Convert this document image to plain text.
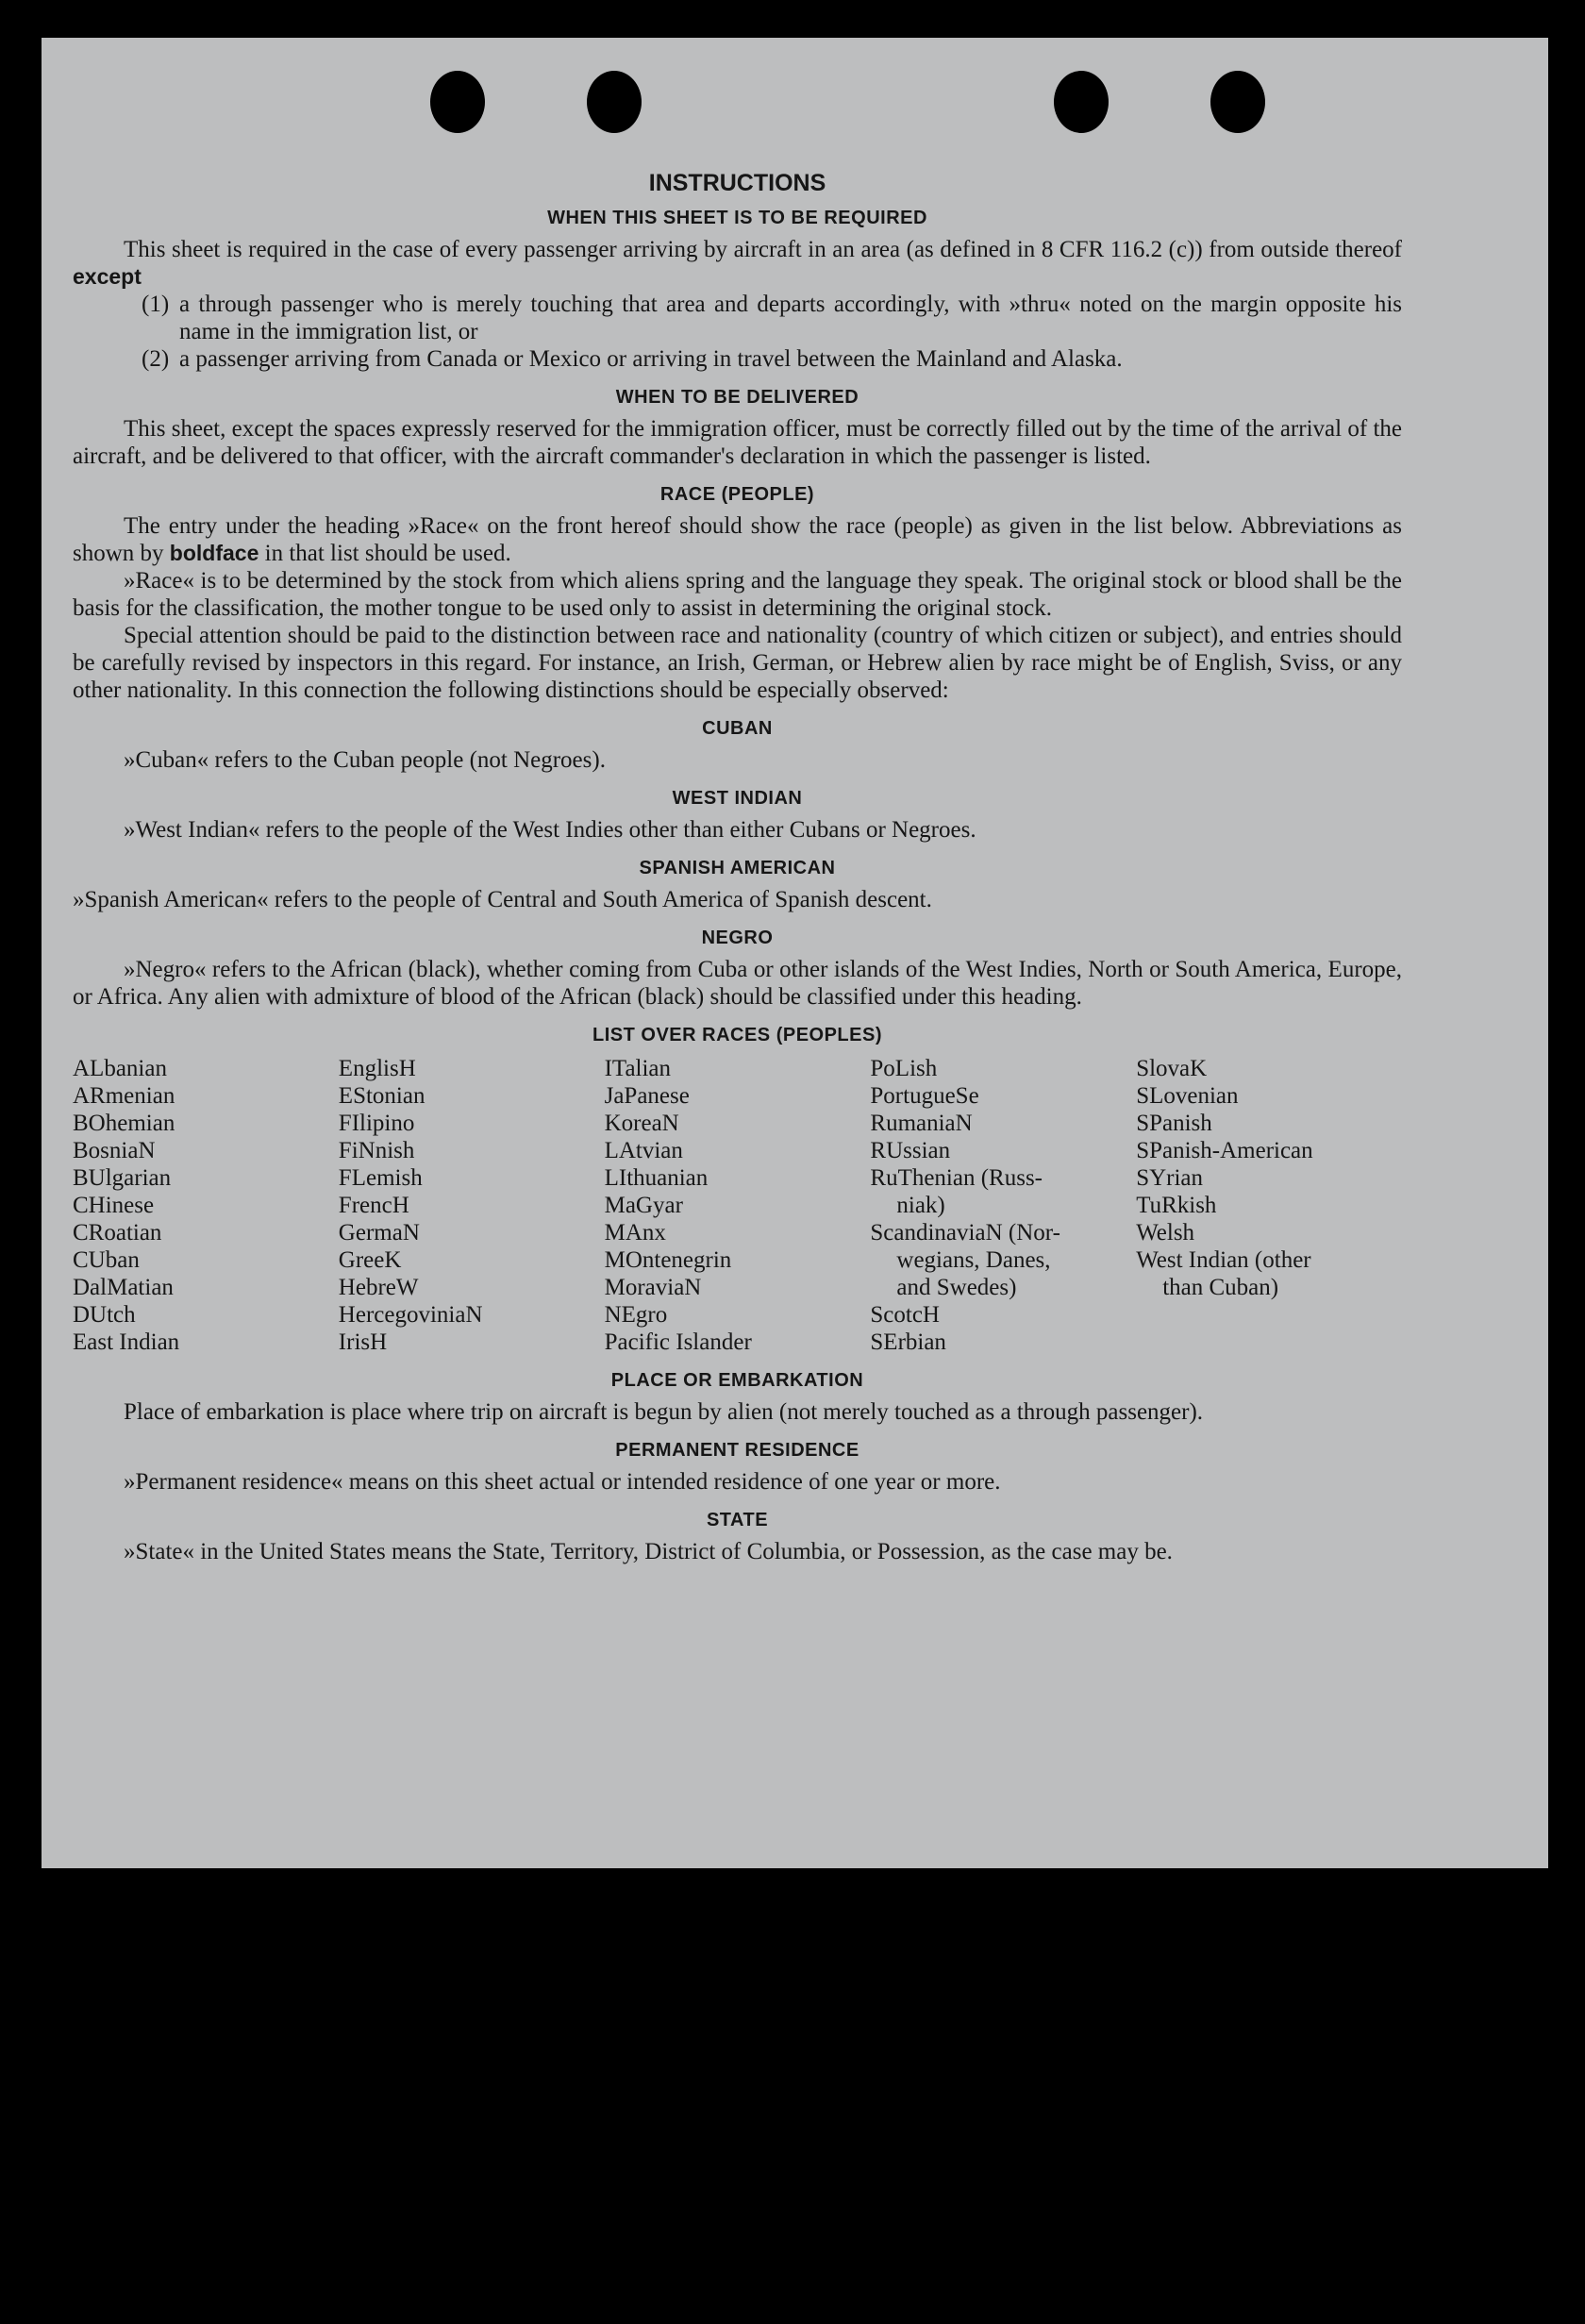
INSTRUCTIONS
WHEN THIS SHEET IS TO BE REQUIRED

This sheet is required in the case of every passenger arriving by aircraft in an area (as defined in 8 CFR 116.2 (c)) from outside thereof except

(1) a through passenger who is merely touching that area and departs accordingly, with »thru« noted on the margin opposite his name in the immigration list, or
(2) a passenger arriving from Canada or Mexico or arriving in travel between the Mainland and Alaska.
WHEN TO BE DELIVERED

This sheet, except the spaces expressly reserved for the immigration officer, must be correctly filled out by the time of the arrival of the aircraft, and be delivered to that officer, with the aircraft commander's declaration in which the passenger is listed.

RACE (PEOPLE)

The entry under the heading »Race« on the front hereof should show the race (people) as given in the list below. Abbreviations as shown by boldface in that list should be used.

»Race« is to be determined by the stock from which aliens spring and the language they speak. The original stock or blood shall be the basis for the classification, the mother tongue to be used only to assist in determining the original stock.

Special attention should be paid to the distinction between race and nationality (country of which citizen or subject), and entries should be carefully revised by inspectors in this regard. For instance, an Irish, German, or Hebrew alien by race might be of English, Sviss, or any other nationality. In this connection the following distinctions should be especially observed:

CUBAN

»Cuban« refers to the Cuban people (not Negroes).

WEST INDIAN

»West Indian« refers to the people of the West Indies other than either Cubans or Negroes.

SPANISH AMERICAN

»Spanish American« refers to the people of Central and South America of Spanish descent.

NEGRO

»Negro« refers to the African (black), whether coming from Cuba or other islands of the West Indies, North or South America, Europe, or Africa. Any alien with admixture of blood of the African (black) should be classified under this heading.

LIST OVER RACES (PEOPLES)
ALbanian
ARmenian
BOhemian
BosniaN
BUlgarian
CHinese
CRoatian
CUban
DalMatian
DUtch
East Indian
EnglisH
EStonian
FIlipino
FiNnish
FLemish
FrencH
GermaN
GreeK
HebreW
HercegoviniaN
IrisH
ITalian
JaPanese
KoreaN
LAtvian
LIthuanian
MaGyar
MAnx
MOntenegrin
MoraviaN
NEgro
Pacific Islander
PoLish
PortugueSe
RumaniaN
RUssian
RuThenian (Russ-
niak)
ScandinaviaN (Nor-
wegians, Danes,
and Swedes)
ScotcH
SErbian
SlovaK
SLovenian
SPanish
SPanish-American
SYrian
TuRkish
Welsh
West Indian (other
than Cuban)
PLACE OR EMBARKATION

Place of embarkation is place where trip on aircraft is begun by alien (not merely touched as a through passenger).

PERMANENT RESIDENCE

»Permanent residence« means on this sheet actual or intended residence of one year or more.

STATE

»State« in the United States means the State, Territory, District of Columbia, or Possession, as the case may be.
